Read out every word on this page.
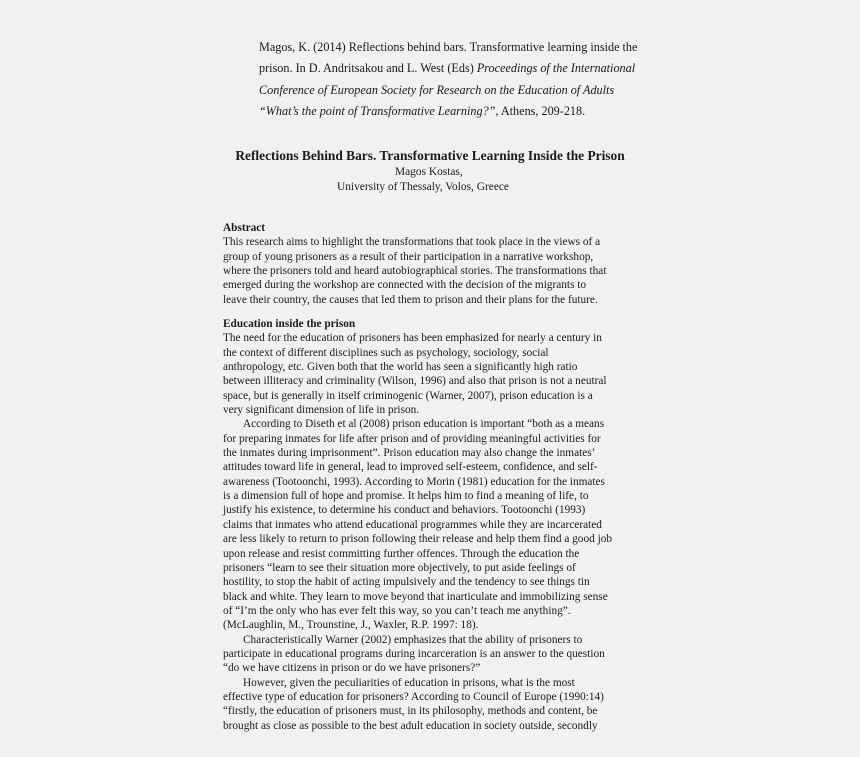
Magos, K. (2014) Reflections behind bars. Transformative learning inside the
prison. In D. Andritsakou and L. West (Eds) Proceedings of the International
Conference of European Society for Research on the Education of Adults
“What’s the point of Transformative Learning?”, Athens, 209-218.
Reflections Behind Bars. Transformative Learning Inside the Prison
Magos Kostas,
University of Thessaly, Volos, Greece
Abstract
This research aims to highlight the transformations that took place in the views of a
group of young prisoners as a result of their participation in a narrative workshop,
where the prisoners told and heard autobiographical stories. The transformations that
emerged during the workshop are connected with the decision of the migrants to
leave their country, the causes that led them to prison and their plans for the future.
Education inside the prison
The need for the education of prisoners has been emphasized for nearly a century in
the context of different disciplines such as psychology, sociology, social
anthropology, etc. Given both that the world has seen a significantly high ratio
between illiteracy and criminality (Wilson, 1996) and also that prison is not a neutral
space, but is generally in itself criminogenic (Warner, 2007), prison education is a
very significant dimension of life in prison.
According to Diseth et al (2008) prison education is important “both as a means
for preparing inmates for life after prison and of providing meaningful activities for
the inmates during imprisonment”. Prison education may also change the inmates’
attitudes toward life in general, lead to improved self-esteem, confidence, and self-
awareness (Tootoonchi, 1993). According to Morin (1981) education for the inmates
is a dimension full of hope and promise. It helps him to find a meaning of life, to
justify his existence, to determine his conduct and behaviors. Tootoonchi (1993)
claims that inmates who attend educational programmes while they are incarcerated
are less likely to return to prison following their release and help them find a good job
upon release and resist committing further offences. Through the education the
prisoners “learn to see their situation more objectively, to put aside feelings of
hostility, to stop the habit of acting impulsively and the tendency to see things tin
black and white. They learn to move beyond that inarticulate and immobilizing sense
of “I’m the only who has ever felt this way, so you can’t teach me anything”.
(McLaughlin, M., Trounstine, J., Waxler, R.P. 1997: 18).
Characteristically Warner (2002) emphasizes that the ability of prisoners to
participate in educational programs during incarceration is an answer to the question
“do we have citizens in prison or do we have prisoners?”
However, given the peculiarities of education in prisons, what is the most
effective type of education for prisoners? According to Council of Europe (1990:14)
“firstly, the education of prisoners must, in its philosophy, methods and content, be
brought as close as possible to the best adult education in society outside, secondly
